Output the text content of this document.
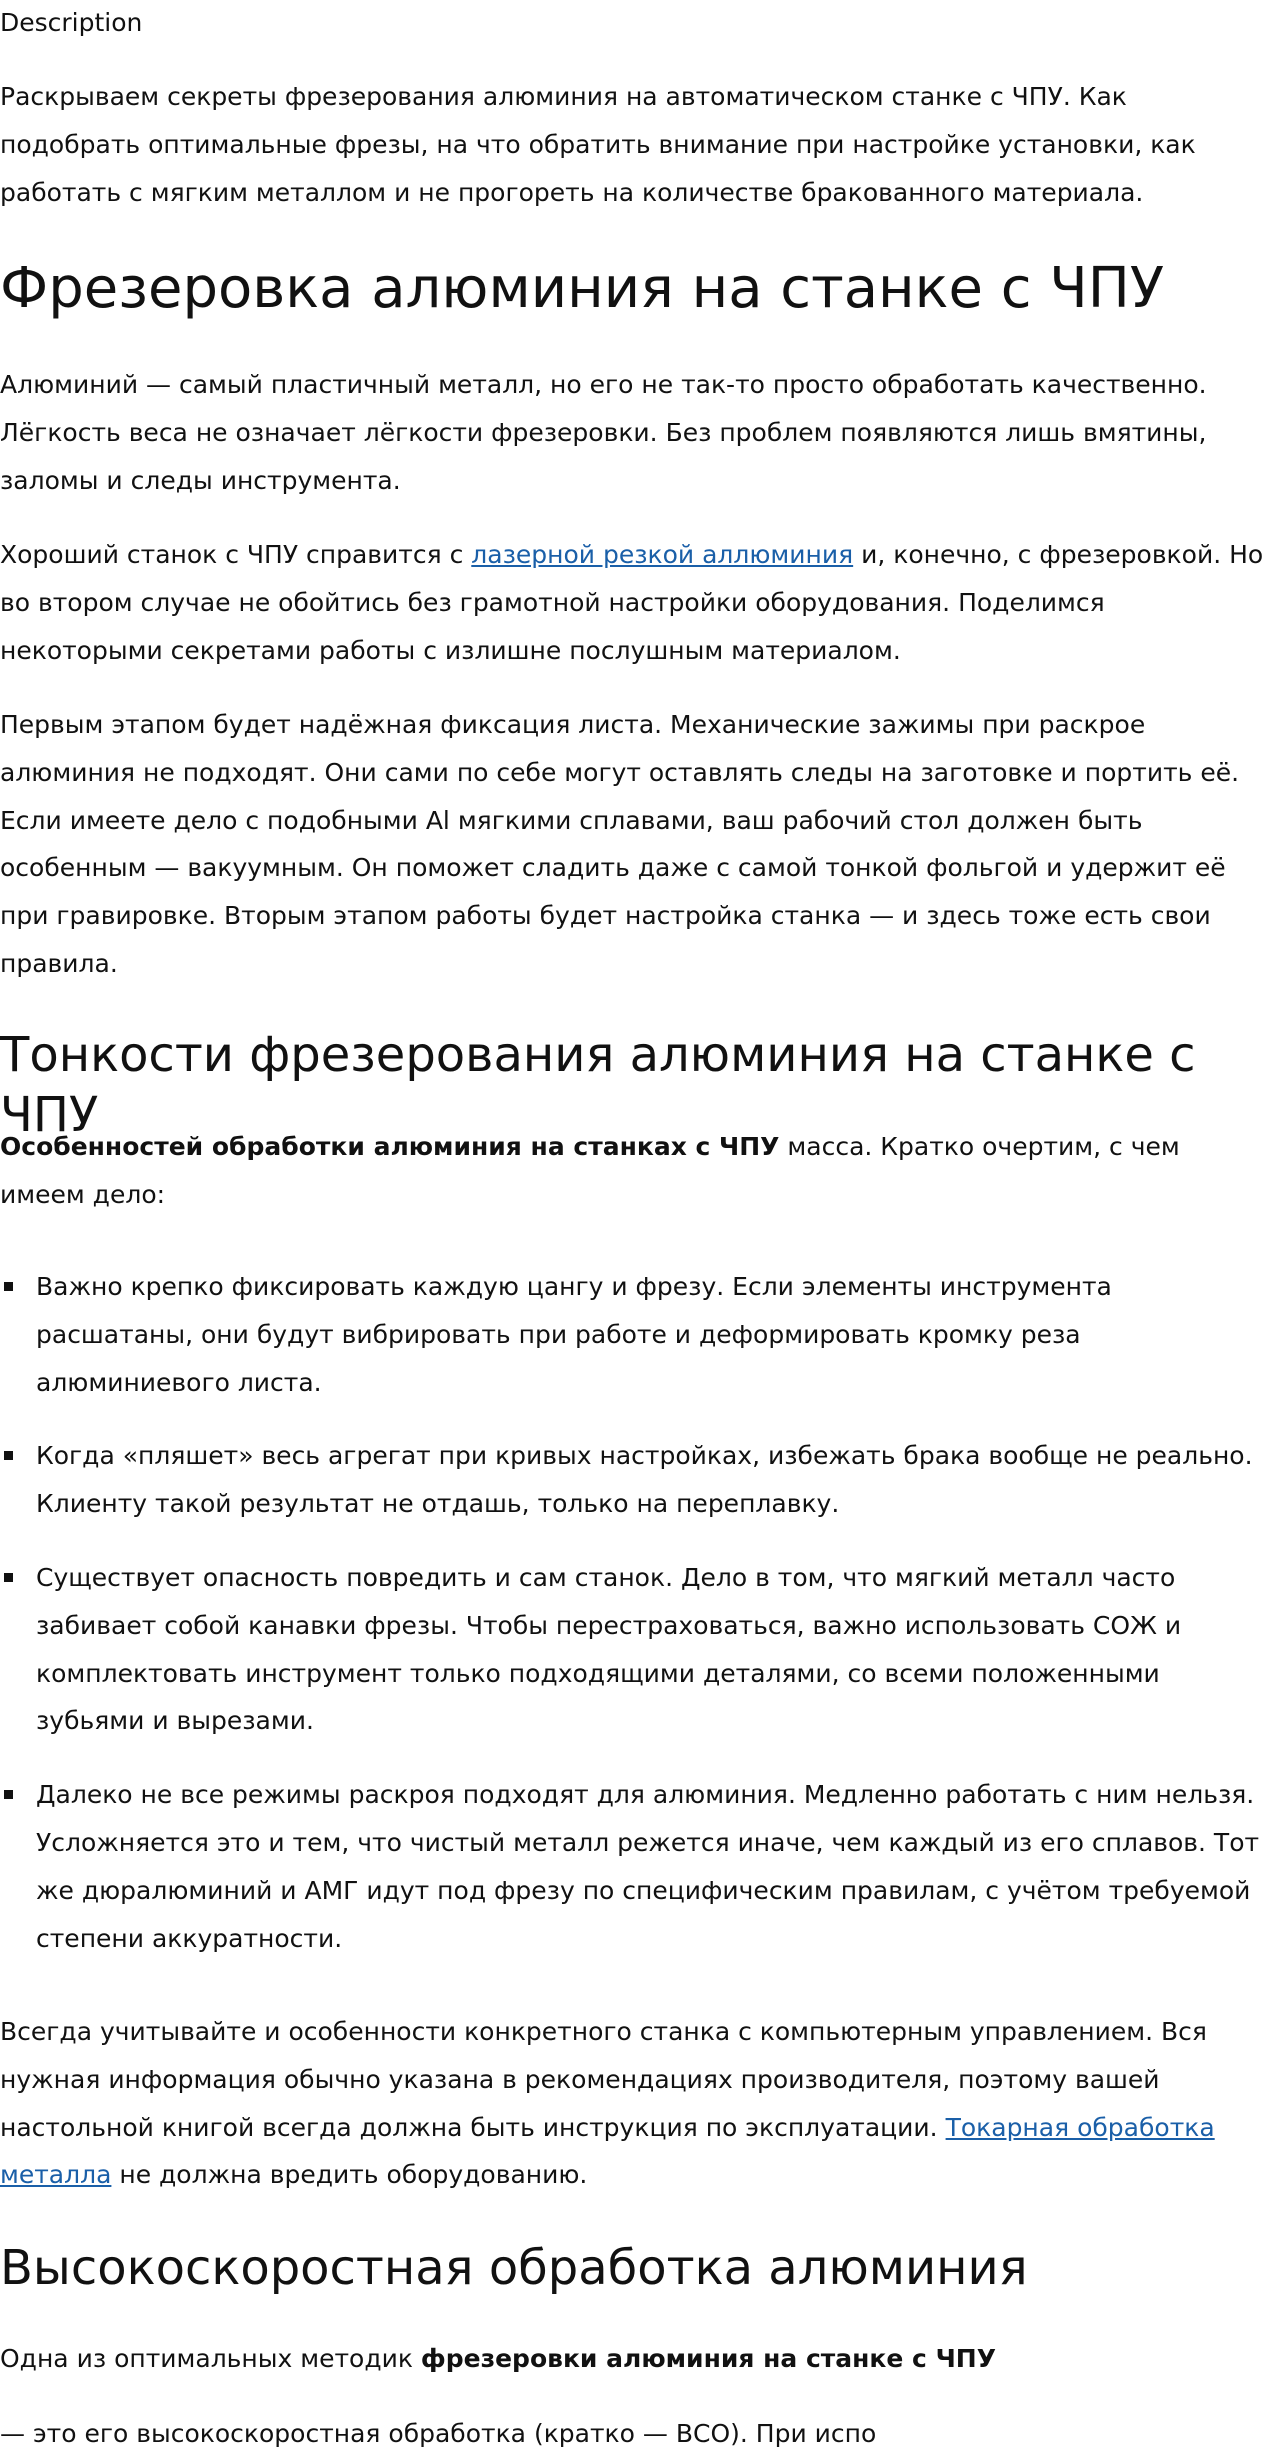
Description

Раскрываем секреты фрезерования алюминия на автоматическом станке с ЧПУ. Как подобрать оптимальные фрезы, на что обратить внимание при настройке установки, как работать с мягким металлом и не прогореть на количестве бракованного материала.

Фрезеровка алюминия на станке с ЧПУ

Алюминий — самый пластичный металл, но его не так-то просто обработать качественно. Лёгкость веса не означает лёгкости фрезеровки. Без проблем появляются лишь вмятины, заломы и следы инструмента.

Хороший станок с ЧПУ справится с лазерной резкой аллюминия и, конечно, с фрезеровкой. Но во втором случае не обойтись без грамотной настройки оборудования. Поделимся некоторыми секретами работы с излишне послушным материалом.

Первым этапом будет надёжная фиксация листа. Механические зажимы при раскрое алюминия не подходят. Они сами по себе могут оставлять следы на заготовке и портить её. Если имеете дело с подобными Al мягкими сплавами, ваш рабочий стол должен быть особенным — вакуумным. Он поможет сладить даже с самой тонкой фольгой и удержит её при гравировке. Вторым этапом работы будет настройка станка — и здесь тоже есть свои правила.

Тонкости фрезерования алюминия на станке с ЧПУ

Особенностей обработки алюминия на станках с ЧПУ масса. Кратко очертим, с чем имеем дело:

Важно крепко фиксировать каждую цангу и фрезу. Если элементы инструмента расшатаны, они будут вибрировать при работе и деформировать кромку реза алюминиевого листа.
Когда «пляшет» весь агрегат при кривых настройках, избежать брака вообще не реально. Клиенту такой результат не отдашь, только на переплавку.
Существует опасность повредить и сам станок. Дело в том, что мягкий металл часто забивает собой канавки фрезы. Чтобы перестраховаться, важно использовать СОЖ и комплектовать инструмент только подходящими деталями, со всеми положенными зубьями и вырезами.
Далеко не все режимы раскроя подходят для алюминия. Медленно работать с ним нельзя. Усложняется это и тем, что чистый металл режется иначе, чем каждый из его сплавов. Тот же дюралюминий и АМГ идут под фрезу по специфическим правилам, с учётом требуемой степени аккуратности.

Всегда учитывайте и особенности конкретного станка с компьютерным управлением. Вся нужная информация обычно указана в рекомендациях производителя, поэтому вашей настольной книгой всегда должна быть инструкция по эксплуатации. Токарная обработка металла не должна вредить оборудованию.

Высокоскоростная обработка алюминия

Одна из оптимальных методик фрезеровки алюминия на станке с ЧПУ

— это его высокоскоростная обработка (кратко — ВСО). При испо
